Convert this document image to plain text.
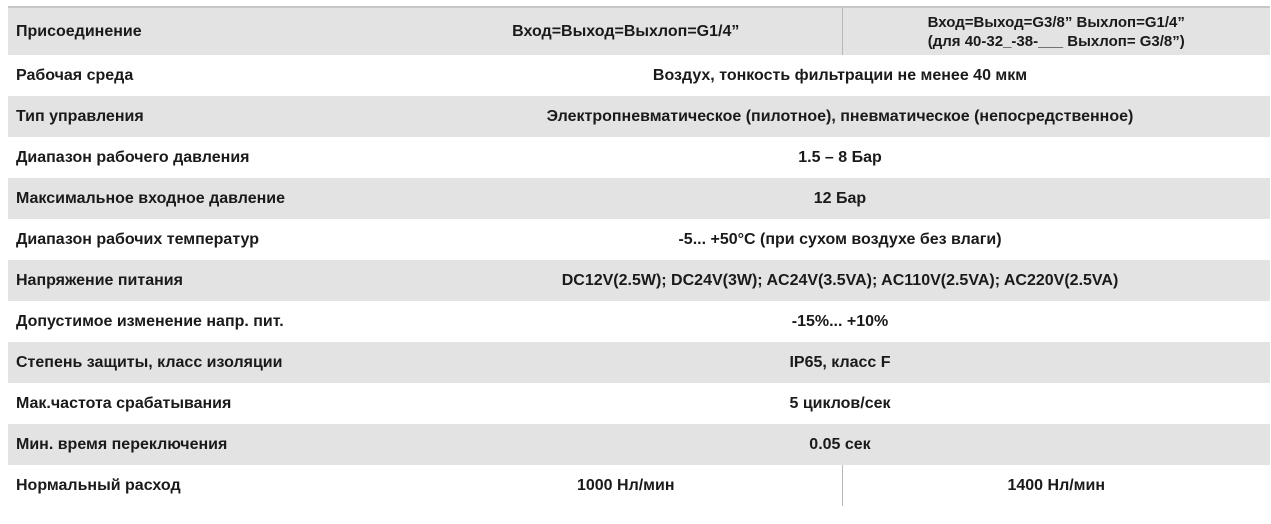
Присоединение	Вход=Выход=Выхлоп=G1/4”	Вход=Выход=G3/8” Выхлоп=G1/4”
(для 40-32_-38-___ Выхлоп= G3/8”)

Рабочая среда	Воздух, тонкость фильтрации не менее 40 мкм	
Тип управления	Электропневматическое (пилотное), пневматическое (непосредственное)	
Диапазон рабочего давления	1.5 – 8 Бар	
Максимальное входное давление	12 Бар	
Диапазон рабочих температур	-5... +50°С (при сухом воздухе без влаги)	
Напряжение питания	DC12V(2.5W); DC24V(3W); AC24V(3.5VA); AC110V(2.5VA); AC220V(2.5VA)	
Допустимое изменение напр. пит.	-15%... +10%	
Степень защиты, класс изоляции	IP65, класс F	
Мак.частота срабатывания	5 циклов/сек	
Мин. время переключения	0.05 сек	
Нормальный расход	1000 Нл/мин	1400 Нл/мин
